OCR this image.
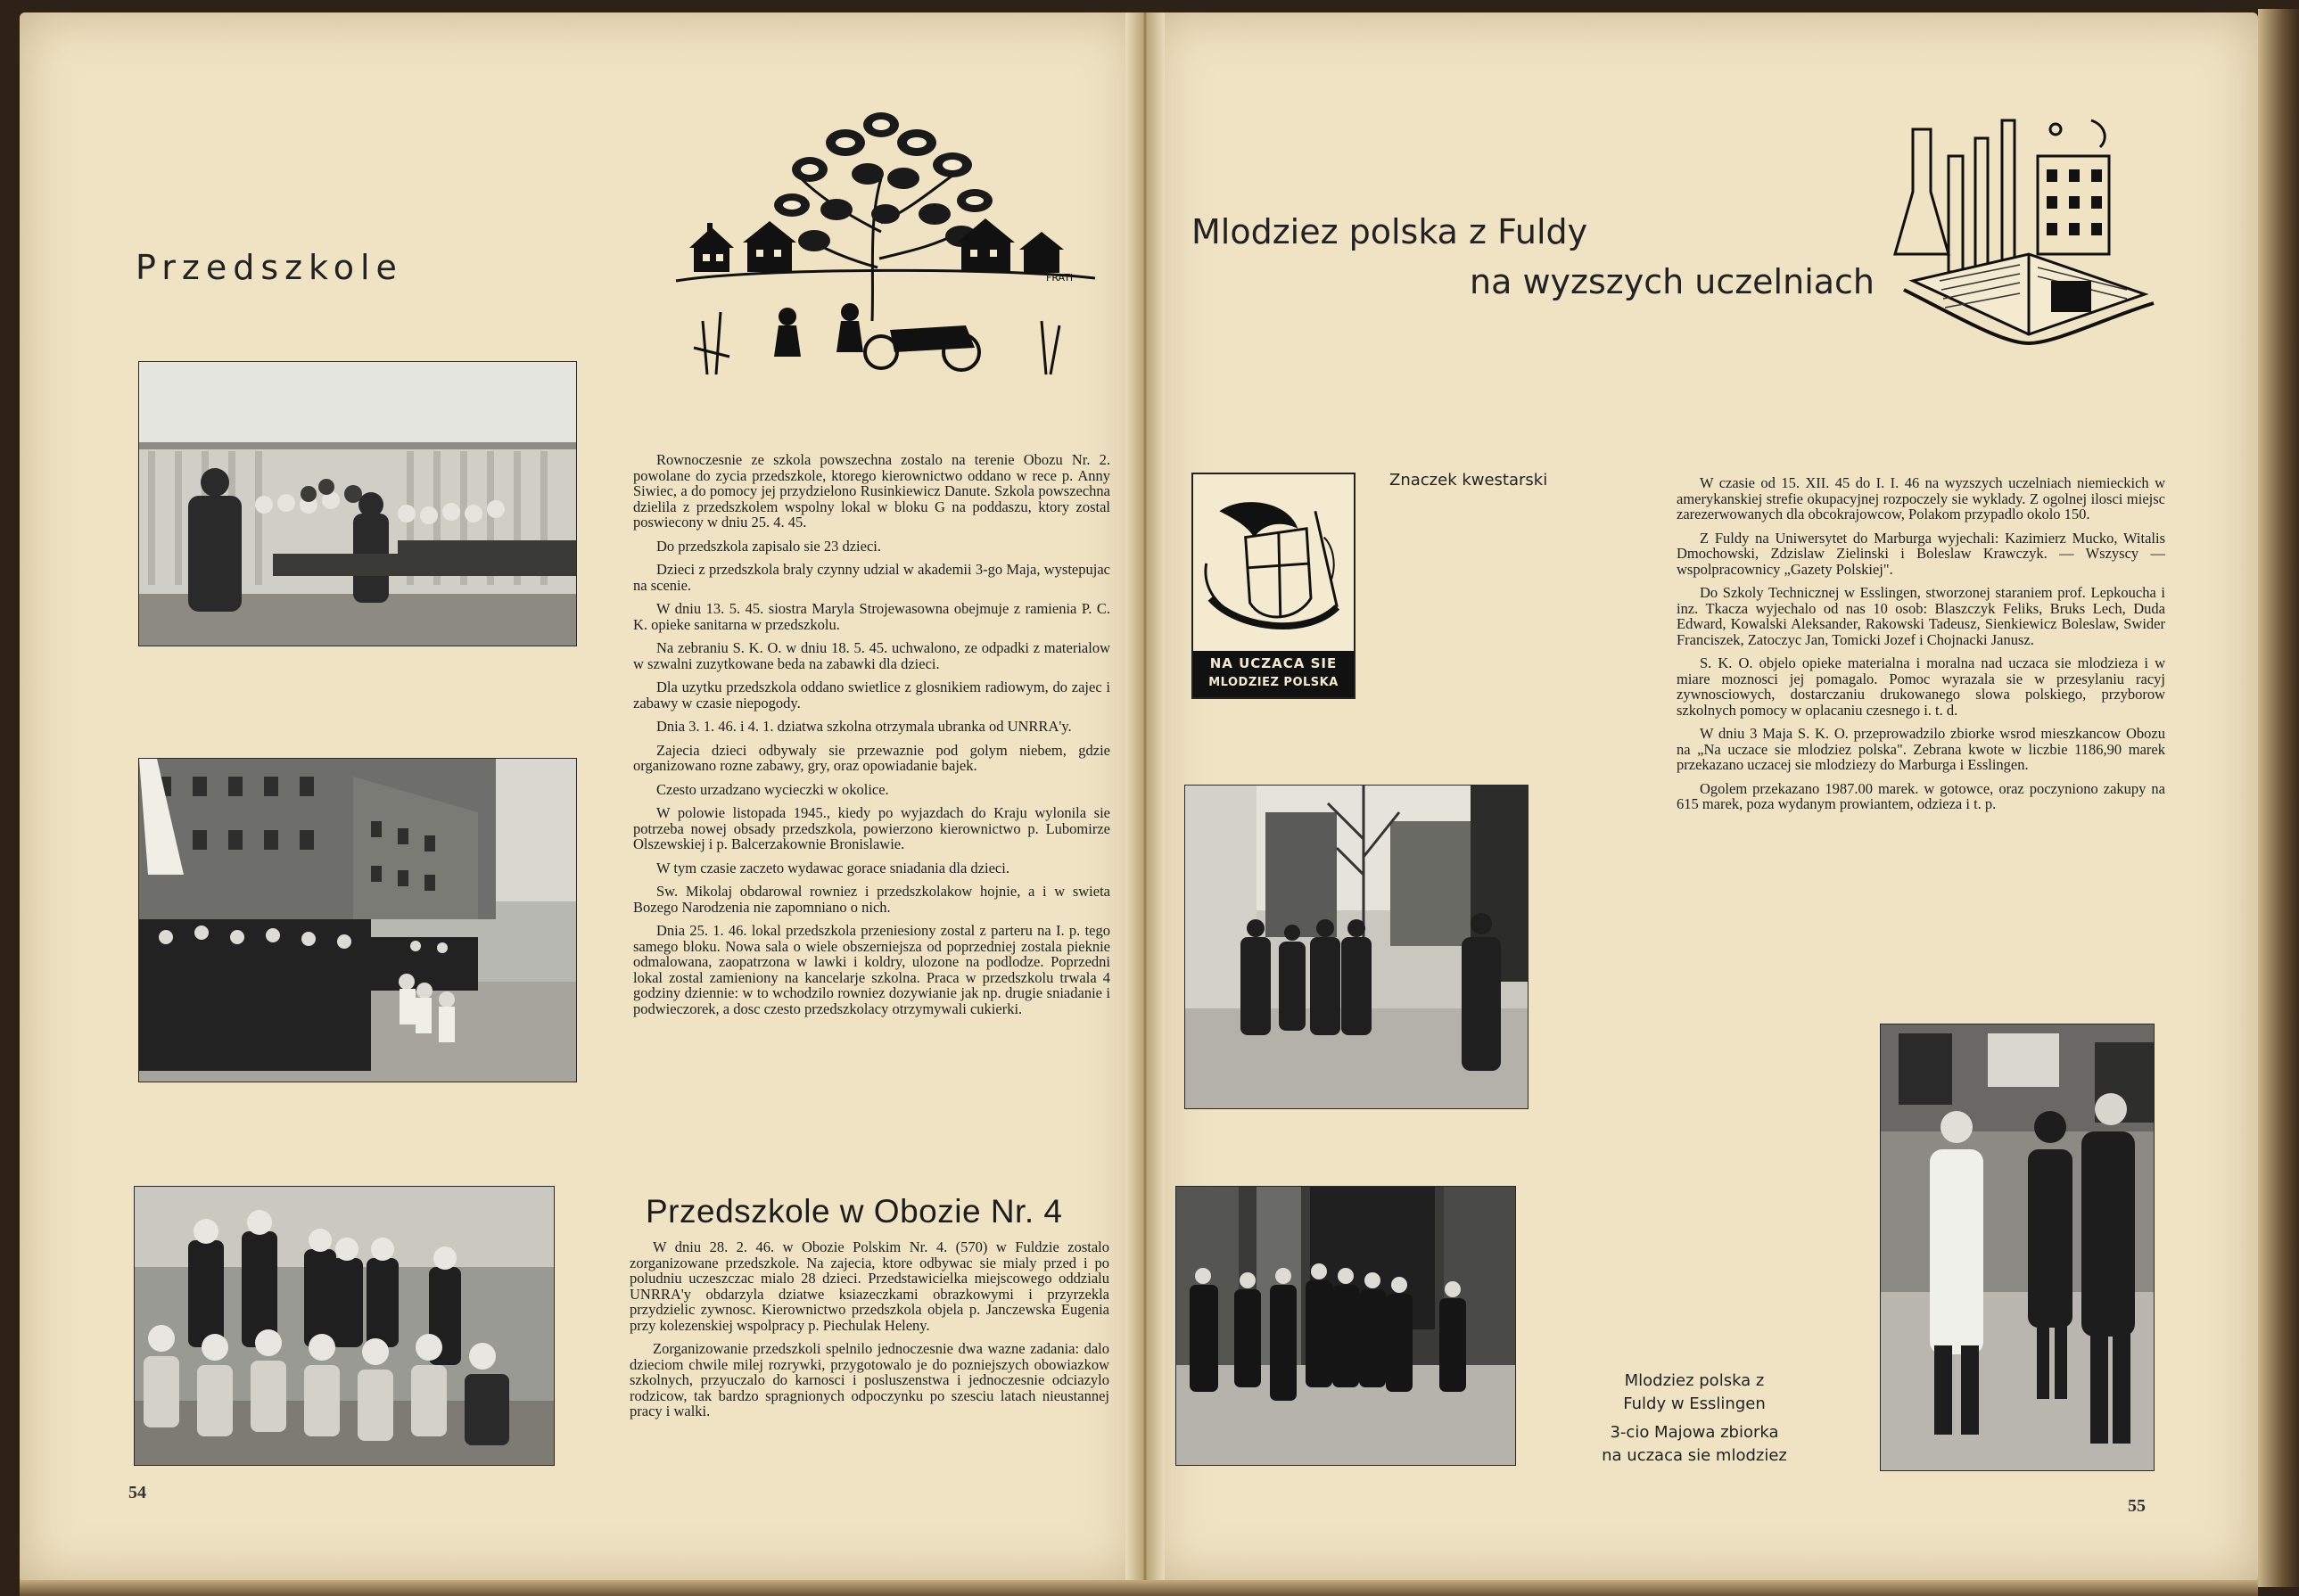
Przedszkole	FRATI

Rownoczesnie ze szkola powszechna zostalo na terenie Obozu Nr. 2. powolane do zycia przedszkole, ktorego kierownictwo oddano w rece p. Anny Siwiec, a do pomocy jej przydzielono Rusinkiewicz Danute. Szkola powszechna dzielila z przedszkolem wspolny lokal w bloku G na poddaszu, ktory zostal poswiecony w dniu 25. 4. 45.

Do przedszkola zapisalo sie 23 dzieci.

Dzieci z przedszkola braly czynny udzial w akademii 3-go Maja, wystepujac na scenie.

W dniu 13. 5. 45. siostra Maryla Strojewasowna obejmuje z ramienia P. C. K. opieke sanitarna w przedszkolu.

Na zebraniu S. K. O. w dniu 18. 5. 45. uchwalono, ze odpadki z materialow w szwalni zuzytkowane beda na zabawki dla dzieci.

Dla uzytku przedszkola oddano swietlice z glosnikiem radiowym, do zajec i zabawy w czasie niepogody.

Dnia 3. 1. 46. i 4. 1. dziatwa szkolna otrzymala ubranka od UNRRA'y.

Zajecia dzieci odbywaly sie przewaznie pod golym niebem, gdzie organizowano rozne zabawy, gry, oraz opowiadanie bajek.

Czesto urzadzano wycieczki w okolice.

W polowie listopada 1945., kiedy po wyjazdach do Kraju wylonila sie potrzeba nowej obsady przedszkola, powierzono kierownictwo p. Lubomirze Olszewskiej i p. Balcerzakownie Bronislawie.

W tym czasie zaczeto wydawac gorace sniadania dla dzieci.

Sw. Mikolaj obdarowal rowniez i przedszkolakow hojnie, a i w swieta Bozego Narodzenia nie zapomniano o nich.

Dnia 25. 1. 46. lokal przedszkola przeniesiony zostal z parteru na I. p. tego samego bloku. Nowa sala o wiele obszerniejsza od poprzedniej zostala pieknie odmalowana, zaopatrzona w lawki i koldry, ulozone na podlodze. Poprzedni lokal zostal zamieniony na kancelarje szkolna. Praca w przedszkolu trwala 4 godziny dziennie: w to wchodzilo rowniez dozywianie jak np. drugie sniadanie i podwieczorek, a dosc czesto przedszkolacy otrzymywali cukierki.

Przedszkole w Obozie Nr. 4

W dniu 28. 2. 46. w Obozie Polskim Nr. 4. (570) w Fuldzie zostalo zorganizowane przedszkole. Na zajecia, ktore odbywac sie mialy przed i po poludniu uczeszczac mialo 28 dzieci. Przedstawicielka miejscowego oddzialu UNRRA'y obdarzyla dziatwe ksiazeczkami obrazkowymi i przyrzekla przydzielic zywnosc. Kierownictwo przedszkola objela p. Janczewska Eugenia przy kolezenskiej wspolpracy p. Piechulak Heleny.

Zorganizowanie przedszkoli spelnilo jednoczesnie dwa wazne zadania: dalo dzieciom chwile milej rozrywki, przygotowalo je do pozniejszych obowiazkow szkolnych, przyuczalo do karnosci i posluszenstwa i jednoczesnie odciazylo rodzicow, tak bardzo spragnionych odpoczynku po szesciu latach nieustannej pracy i walki.

54
Mlodziez polska z Fuldy
na wyzszych uczelniach
NA UCZACA SIE
MLODZIEZ POLSKA
Znaczek kwestarski	W czasie od 15. XII. 45 do I. I. 46 na wyzszych uczelniach niemieckich w amerykanskiej strefie okupacyjnej rozpoczely sie wyklady. Z ogolnej ilosci miejsc zarezerwowanych dla obcokrajowcow, Polakom przypadlo okolo 150.

Z Fuldy na Uniwersytet do Marburga wyjechali: Kazimierz Mucko, Witalis Dmochowski, Zdzislaw Zielinski i Boleslaw Krawczyk. — Wszyscy — wspolpracownicy „Gazety Polskiej".

Do Szkoly Technicznej w Esslingen, stworzonej staraniem prof. Lepkoucha i inz. Tkacza wyjechalo od nas 10 osob: Blaszczyk Feliks, Bruks Lech, Duda Edward, Kowalski Aleksander, Rakowski Tadeusz, Sienkiewicz Boleslaw, Swider Franciszek, Zatoczyc Jan, Tomicki Jozef i Chojnacki Janusz.

S. K. O. objelo opieke materialna i moralna nad uczaca sie mlodzieza i w miare moznosci jej pomagalo. Pomoc wyrazala sie w przesylaniu racyj zywnosciowych, dostarczaniu drukowanego slowa polskiego, przyborow szkolnych pomocy w oplacaniu czesnego i. t. d.

W dniu 3 Maja S. K. O. przeprowadzilo zbiorke wsrod mieszkancow Obozu na „Na uczace sie mlodziez polska". Zebrana kwote w liczbie 1186,90 marek przekazano uczacej sie mlodziezy do Marburga i Esslingen.

Ogolem przekazano 1987.00 marek. w gotowce, oraz poczyniono zakupy na 615 marek, poza wydanym prowiantem, odzieza i t. p.

Mlodziez polska z
Fuldy w Esslingen
3-cio Majowa zbiorka
na uczaca sie mlodziez
55
